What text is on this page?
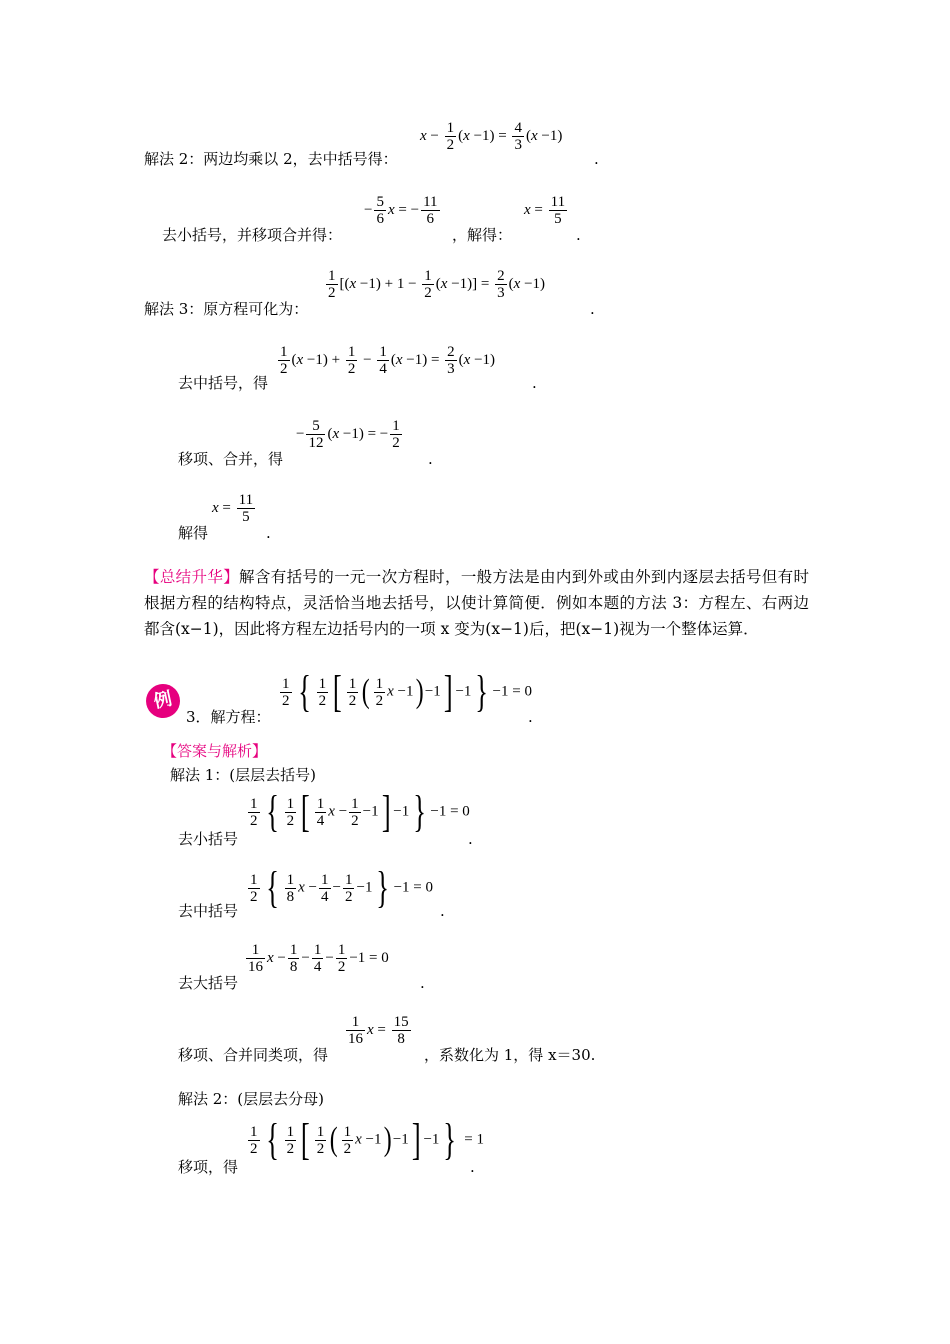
解法 2：两边均乘以 2，去中括号得：
$x - \frac{1}{2} (x -1) = \frac{4}{3} (x -1)$
.
去小括号，并移项合并得：
− $\frac{5}{6}$ x = − $\frac{11}{6}$
，解得：
$x = \frac{11}{5}$
.
解法 3：原方程可化为：
$\frac{1}{2} [(x -1) + 1 - \frac{1}{2} (x -1)] = \frac{2}{3} (x -1)$
.
去中括号，得
$\frac{1}{2} (x -1) + \frac{1}{2} - \frac{1}{4} (x -1) = \frac{2}{3} (x -1)$
.
移项、合并，得
− $\frac{5}{12} (x -1)$ = − $\frac{1}{2}$
.
解得
$x = \frac{11}{5}$
.
【总结升华】解含有括号的一元一次方程时，一般方法是由内到外或由外到内逐层去括号但有时根据方程的结构特点，灵活恰当地去括号，以使计算简便．例如本题的方法 3：方程左、右两边都含(x−1)，因此将方程左边括号内的一项 x 变为(x−1)后，把(x−1)视为一个整体运算．
例
3．解方程：
$\frac{1}{2}$ { $\frac{1}{2}$ [ $\frac{1}{2}$ ( $\frac{1}{2}$ x −1) −1] −1} −1 = 0
.
【答案与解析】
解法 1：(层层去括号)
去小括号
$\frac{1}{2}$ { $\frac{1}{2}$ [ $\frac{1}{4}$ $x - \frac{1}{2} -1] -1\} -1 = 0$
.
去中括号
$\frac{1}{2}$ { $\frac{1}{8}$ $x - \frac{1}{4} - \frac{1}{2} -1\} -1 = 0$
.
去大括号
$\frac{1}{16}$ $x - \frac{1}{8} - \frac{1}{4} - \frac{1}{2} -1 = 0$
.
移项、合并同类项，得
$\frac{1}{16}$ $x = \frac{15}{8}$
，系数化为 1，得 x＝30.
解法 2：(层层去分母)
移项，得
$\frac{1}{2}$ { $\frac{1}{2}$ [ $\frac{1}{2}$ ( $\frac{1}{2}$ x −1) −1] −1} = 1
.
